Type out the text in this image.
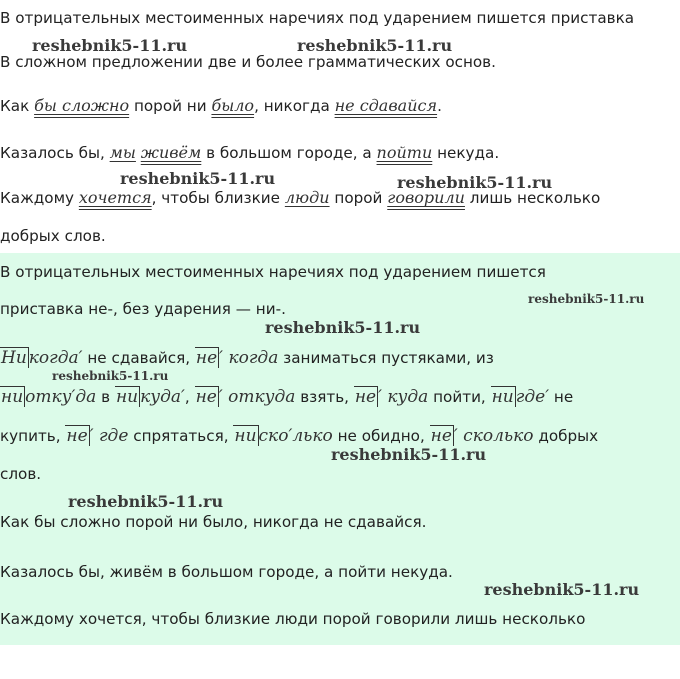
В отрицательных местоименных наречиях под ударением пишется приставка
reshebnik5-11.ru	reshebnik5-11.ru
В сложном предложении две и более грамматических основ.
Как бы сложно порой ни было, никогда не сдавайся.
Казалось бы, мы живём в большом городе, а пойти некуда.
reshebnik5-11.ru	reshebnik5-11.ru
Каждому хочется, чтобы близкие люди порой говорили лишь несколько
добрых слов.
В отрицательных местоименных наречиях под ударением пишется
приставка не-, без ударения — ни-.
reshebnik5-11.ru
reshebnik5-11.ru
Ни когда′ не сдавайся, не ′ когда заниматься пустяками, из
reshebnik5-11.ru
ни отку′да в ни куда′, не ′ откуда взять, не ′ куда пойти, ни где′ не
купить, не ′ где спрятаться, ни ско′лько не обидно, не ′ сколько добрых
reshebnik5-11.ru
слов.
reshebnik5-11.ru
Как бы сложно порой ни было, никогда не сдавайся.
Казалось бы, живём в большом городе, а пойти некуда.
reshebnik5-11.ru
Каждому хочется, чтобы близкие люди порой говорили лишь несколько
